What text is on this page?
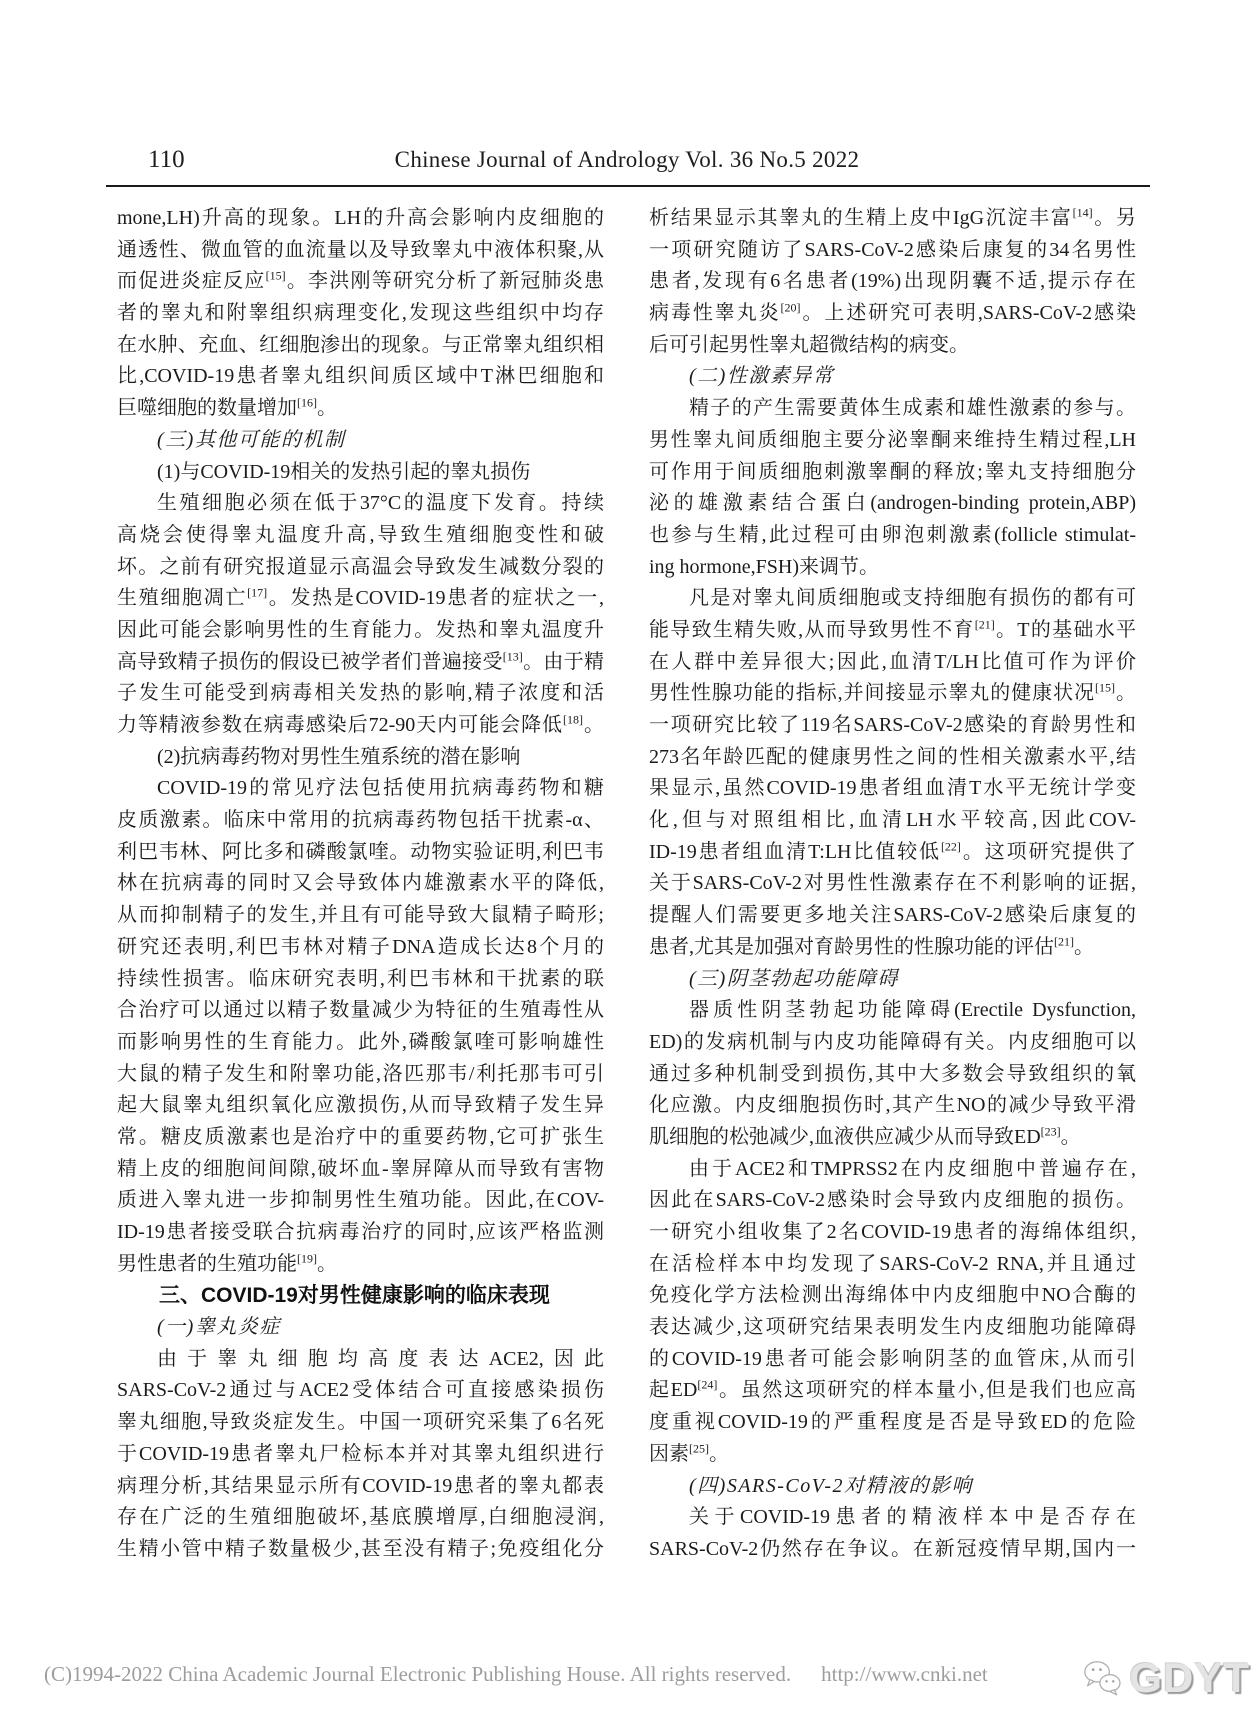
110	Chinese Journal of Andrology Vol. 36 No.5 2022
mone,LH)升高的现象。LH的升高会影响内皮细胞的
通透性、微血管的血流量以及导致睾丸中液体积聚,从
而促进炎症反应[15]。李洪刚等研究分析了新冠肺炎患
者的睾丸和附睾组织病理变化,发现这些组织中均存
在水肿、充血、红细胞渗出的现象。与正常睾丸组织相
比,COVID-19患者睾丸组织间质区域中T淋巴细胞和
巨噬细胞的数量增加[16]。
(三)其他可能的机制
(1)与COVID-19相关的发热引起的睾丸损伤
生殖细胞必须在低于37°C的温度下发育。持续
高烧会使得睾丸温度升高,导致生殖细胞变性和破
坏。之前有研究报道显示高温会导致发生减数分裂的
生殖细胞凋亡[17]。发热是COVID-19患者的症状之一,
因此可能会影响男性的生育能力。发热和睾丸温度升
高导致精子损伤的假设已被学者们普遍接受[13]。由于精
子发生可能受到病毒相关发热的影响,精子浓度和活
力等精液参数在病毒感染后72-90天内可能会降低[18]。
(2)抗病毒药物对男性生殖系统的潜在影响
COVID-19的常见疗法包括使用抗病毒药物和糖
皮质激素。临床中常用的抗病毒药物包括干扰素-α、
利巴韦林、阿比多和磷酸氯喹。动物实验证明,利巴韦
林在抗病毒的同时又会导致体内雄激素水平的降低,
从而抑制精子的发生,并且有可能导致大鼠精子畸形;
研究还表明,利巴韦林对精子DNA造成长达8个月的
持续性损害。临床研究表明,利巴韦林和干扰素的联
合治疗可以通过以精子数量减少为特征的生殖毒性从
而影响男性的生育能力。此外,磷酸氯喹可影响雄性
大鼠的精子发生和附睾功能,洛匹那韦/利托那韦可引
起大鼠睾丸组织氧化应激损伤,从而导致精子发生异
常。糖皮质激素也是治疗中的重要药物,它可扩张生
精上皮的细胞间间隙,破坏血-睾屏障从而导致有害物
质进入睾丸进一步抑制男性生殖功能。因此,在COV-
ID-19患者接受联合抗病毒治疗的同时,应该严格监测
男性患者的生殖功能[19]。
三、COVID-19对男性健康影响的临床表现
(一)睾丸炎症
由于睾丸细胞均高度表达ACE2,因此
SARS-CoV-2通过与ACE2受体结合可直接感染损伤
睾丸细胞,导致炎症发生。中国一项研究采集了6名死
于COVID-19患者睾丸尸检标本并对其睾丸组织进行
病理分析,其结果显示所有COVID-19患者的睾丸都表
存在广泛的生殖细胞破坏,基底膜增厚,白细胞浸润,
生精小管中精子数量极少,甚至没有精子;免疫组化分
析结果显示其睾丸的生精上皮中IgG沉淀丰富[14]。另
一项研究随访了SARS-CoV-2感染后康复的34名男性
患者,发现有6名患者(19%)出现阴囊不适,提示存在
病毒性睾丸炎[20]。上述研究可表明,SARS-CoV-2感染
后可引起男性睾丸超微结构的病变。
(二)性激素异常
精子的产生需要黄体生成素和雄性激素的参与。
男性睾丸间质细胞主要分泌睾酮来维持生精过程,LH
可作用于间质细胞刺激睾酮的释放;睾丸支持细胞分
泌的雄激素结合蛋白(androgen-binding protein,ABP)
也参与生精,此过程可由卵泡刺激素(follicle stimulat-
ing hormone,FSH)来调节。
凡是对睾丸间质细胞或支持细胞有损伤的都有可
能导致生精失败,从而导致男性不育[21]。T的基础水平
在人群中差异很大;因此,血清T/LH比值可作为评价
男性性腺功能的指标,并间接显示睾丸的健康状况[15]。
一项研究比较了119名SARS-CoV-2感染的育龄男性和
273名年龄匹配的健康男性之间的性相关激素水平,结
果显示,虽然COVID-19患者组血清T水平无统计学变
化,但与对照组相比,血清LH水平较高,因此COV-
ID-19患者组血清T:LH比值较低[22]。这项研究提供了
关于SARS-CoV-2对男性性激素存在不利影响的证据,
提醒人们需要更多地关注SARS-CoV-2感染后康复的
患者,尤其是加强对育龄男性的性腺功能的评估[21]。
(三)阴茎勃起功能障碍
器质性阴茎勃起功能障碍(Erectile Dysfunction,
ED)的发病机制与内皮功能障碍有关。内皮细胞可以
通过多种机制受到损伤,其中大多数会导致组织的氧
化应激。内皮细胞损伤时,其产生NO的减少导致平滑
肌细胞的松弛减少,血液供应减少从而导致ED[23]。
由于ACE2和TMPRSS2在内皮细胞中普遍存在,
因此在SARS-CoV-2感染时会导致内皮细胞的损伤。
一研究小组收集了2名COVID-19患者的海绵体组织,
在活检样本中均发现了SARS-CoV-2 RNA,并且通过
免疫化学方法检测出海绵体中内皮细胞中NO合酶的
表达减少,这项研究结果表明发生内皮细胞功能障碍
的COVID-19患者可能会影响阴茎的血管床,从而引
起ED[24]。虽然这项研究的样本量小,但是我们也应高
度重视COVID-19的严重程度是否是导致ED的危险
因素[25]。
(四)SARS-CoV-2对精液的影响
关于COVID-19患者的精液样本中是否存在
SARS-CoV-2仍然存在争议。在新冠疫情早期,国内一
(C)1994-2022 China Academic Journal Electronic Publishing House. All rights reserved. http://www.cnki.net	GDYT
